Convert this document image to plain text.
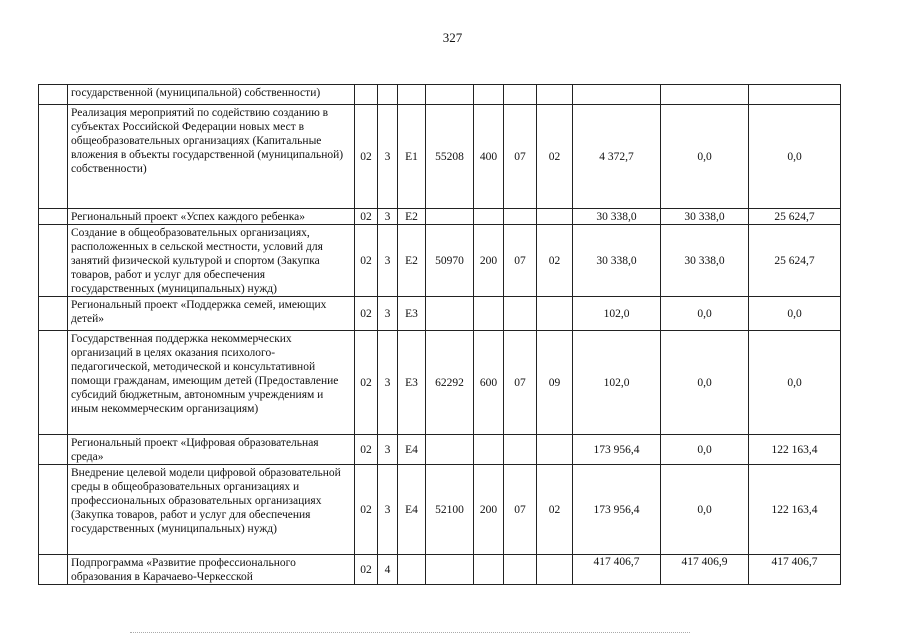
327
	государственной (муниципальной) собственности)										
	Реализация мероприятий по содействию созданию в субъектах Российской Федерации новых мест в общеобразовательных организациях (Капитальные вложения в объекты государственной (муниципальной) собственности)	02	3	E1	55208	400	07	02	4 372,7	0,0	0,0
	Региональный проект «Успех каждого ребенка»	02	3	E2					30 338,0	30 338,0	25 624,7
	Создание в общеобразовательных организациях, расположенных в сельской местности, условий для занятий физической культурой и спортом (Закупка товаров, работ и услуг для обеспечения государственных (муниципальных) нужд)	02	3	E2	50970	200	07	02	30 338,0	30 338,0	25 624,7
	Региональный проект «Поддержка семей, имеющих детей»	02	3	E3					102,0	0,0	0,0
	Государственная поддержка некоммерческих организаций в целях оказания психолого-педагогической, методической и консультативной помощи гражданам, имеющим детей (Предоставление субсидий бюджетным, автономным учреждениям и иным некоммерческим организациям)	02	3	E3	62292	600	07	09	102,0	0,0	0,0
	Региональный проект «Цифровая образовательная среда»	02	3	E4					173 956,4	0,0	122 163,4
	Внедрение целевой модели цифровой образовательной среды в общеобразовательных организациях и профессиональных образовательных организациях (Закупка товаров, работ и услуг для обеспечения государственных (муниципальных) нужд)	02	3	E4	52100	200	07	02	173 956,4	0,0	122 163,4
	Подпрограмма «Развитие профессионального образования в Карачаево-Черкесской	02	4						417 406,7	417 406,9	417 406,7
